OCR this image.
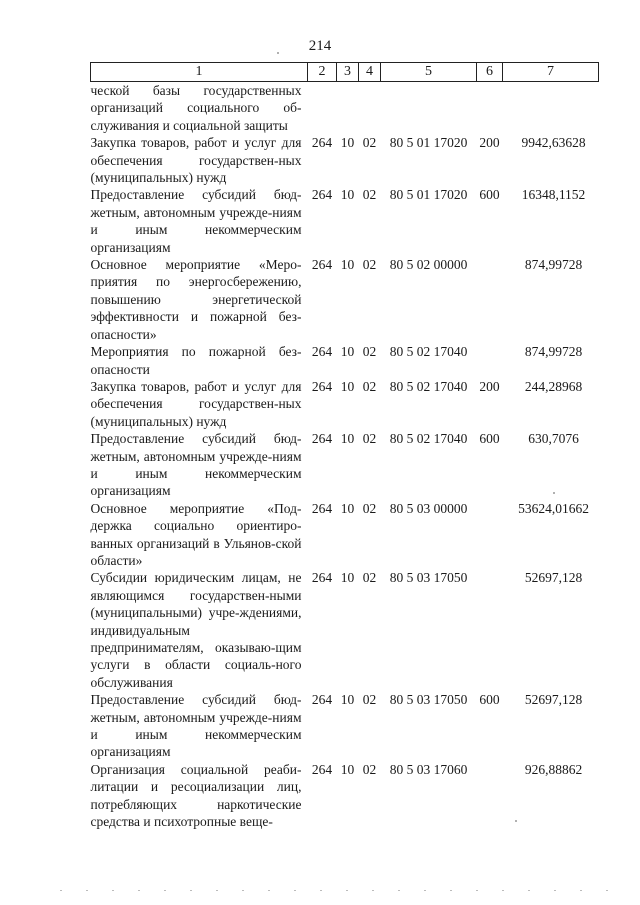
214
1	2	3	4	5	6	7
ческой базы государственных организаций социального об-служивания и социальной защиты						
Закупка товаров, работ и услуг для обеспечения государствен-ных (муниципальных) нужд	264	10	02	80 5 01 17020	200	9942,63628
Предоставление субсидий бюд-жетным, автономным учрежде-ниям и иным некоммерческим организациям	264	10	02	80 5 01 17020	600	16348,1152
Основное мероприятие «Меро-приятия по энергосбережению, повышению энергетической эффективности и пожарной без-опасности»	264	10	02	80 5 02 00000		874,99728
Мероприятия по пожарной без-опасности	264	10	02	80 5 02 17040		874,99728
Закупка товаров, работ и услуг для обеспечения государствен-ных (муниципальных) нужд	264	10	02	80 5 02 17040	200	244,28968
Предоставление субсидий бюд-жетным, автономным учрежде-ниям и иным некоммерческим организациям	264	10	02	80 5 02 17040	600	630,7076
Основное мероприятие «Под-держка социально ориентиро-ванных организаций в Ульянов-ской области»	264	10	02	80 5 03 00000		53624,01662
Субсидии юридическим лицам, не являющимся государствен-ными (муниципальными) учре-ждениями, индивидуальным предпринимателям, оказываю-щим услуги в области социаль-ного обслуживания	264	10	02	80 5 03 17050		52697,128
Предоставление субсидий бюд-жетным, автономным учрежде-ниям и иным некоммерческим организациям	264	10	02	80 5 03 17050	600	52697,128
Организация социальной реаби-литации и ресоциализации лиц, потребляющих наркотические средства и психотропные веще-	264	10	02	80 5 03 17060		926,88862
